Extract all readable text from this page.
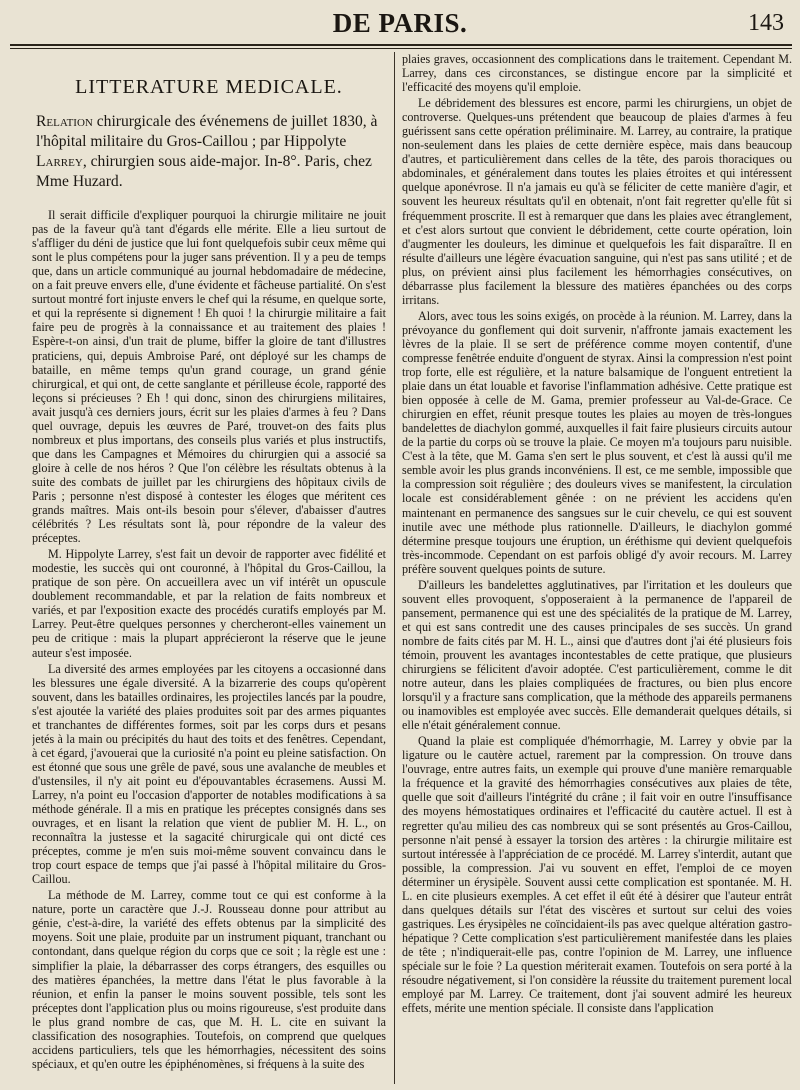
DE PARIS.	143
LITTERATURE MEDICALE.
Relation chirurgicale des événemens de juillet 1830, à l'hôpital militaire du Gros-Caillou ; par Hippolyte Larrey, chirurgien sous aide-major. In-8°. Paris, chez Mme Huzard.

Il serait difficile d'expliquer pourquoi la chirurgie militaire ne jouit pas de la faveur qu'à tant d'égards elle mérite. Elle a lieu surtout de s'affliger du déni de justice que lui font quelquefois subir ceux même qui sont le plus compétens pour la juger sans prévention. Il y a peu de temps que, dans un article communiqué au journal hebdomadaire de médecine, on a fait preuve envers elle, d'une évidente et fâcheuse partialité. On s'est surtout montré fort injuste envers le chef qui la résume, en quelque sorte, et qui la représente si dignement ! Eh quoi ! la chirurgie militaire a fait faire peu de progrès à la connaissance et au traitement des plaies ! Espère-t-on ainsi, d'un trait de plume, biffer la gloire de tant d'illustres praticiens, qui, depuis Ambroise Paré, ont déployé sur les champs de bataille, en même temps qu'un grand courage, un grand génie chirurgical, et qui ont, de cette sanglante et périlleuse école, rapporté des leçons si précieuses ? Eh ! qui donc, sinon des chirurgiens militaires, avait jusqu'à ces derniers jours, écrit sur les plaies d'armes à feu ? Dans quel ouvrage, depuis les œuvres de Paré, trouvet-on des faits plus nombreux et plus importans, des conseils plus variés et plus instructifs, que dans les Campagnes et Mémoires du chirurgien qui a associé sa gloire à celle de nos héros ? Que l'on célèbre les résultats obtenus à la suite des combats de juillet par les chirurgiens des hôpitaux civils de Paris ; personne n'est disposé à contester les éloges que méritent ces grands maîtres. Mais ont-ils besoin pour s'élever, d'abaisser d'autres célébrités ? Les résultats sont là, pour répondre de la valeur des préceptes.

M. Hippolyte Larrey, s'est fait un devoir de rapporter avec fidélité et modestie, les succès qui ont couronné, à l'hôpital du Gros-Caillou, la pratique de son père. On accueillera avec un vif intérêt un opuscule doublement recommandable, et par la relation de faits nombreux et variés, et par l'exposition exacte des procédés curatifs employés par M. Larrey. Peut-être quelques personnes y chercheront-elles vainement un peu de critique : mais la plupart apprécieront la réserve que le jeune auteur s'est imposée.

La diversité des armes employées par les citoyens a occasionné dans les blessures une égale diversité. A la bizarrerie des coups qu'opèrent souvent, dans les batailles ordinaires, les projectiles lancés par la poudre, s'est ajoutée la variété des plaies produites soit par des armes piquantes et tranchantes de différentes formes, soit par les corps durs et pesans jetés à la main ou précipités du haut des toits et des fenêtres. Cependant, à cet égard, j'avouerai que la curiosité n'a point eu pleine satisfaction. On est étonné que sous une grêle de pavé, sous une avalanche de meubles et d'ustensiles, il n'y ait point eu d'épouvantables écrasemens. Aussi M. Larrey, n'a point eu l'occasion d'apporter de notables modifications à sa méthode générale. Il a mis en pratique les préceptes consignés dans ses ouvrages, et en lisant la relation que vient de publier M. H. L., on reconnaîtra la justesse et la sagacité chirurgicale qui ont dicté ces préceptes, comme je m'en suis moi-même souvent convaincu dans le trop court espace de temps que j'ai passé à l'hôpital militaire du Gros-Caillou.

La méthode de M. Larrey, comme tout ce qui est conforme à la nature, porte un caractère que J.-J. Rousseau donne pour attribut au génie, c'est-à-dire, la variété des effets obtenus par la simplicité des moyens. Soit une plaie, produite par un instrument piquant, tranchant ou contondant, dans quelque région du corps que ce soit ; la règle est une : simplifier la plaie, la débarrasser des corps étrangers, des esquilles ou des matières épanchées, la mettre dans l'état le plus favorable à la réunion, et enfin la panser le moins souvent possible, tels sont les préceptes dont l'application plus ou moins rigoureuse, s'est produite dans le plus grand nombre de cas, que M. H. L. cite en suivant la classification des nosographies. Toutefois, on comprend que quelques accidens particuliers, tels que les hémorrhagies, nécessitent des soins spéciaux, et qu'en outre les épiphénomènes, si fréquens à la suite des

plaies graves, occasionnent des complications dans le traitement. Cependant M. Larrey, dans ces circonstances, se distingue encore par la simplicité et l'efficacité des moyens qu'il emploie.

Le débridement des blessures est encore, parmi les chirurgiens, un objet de controverse. Quelques-uns prétendent que beaucoup de plaies d'armes à feu guérissent sans cette opération préliminaire. M. Larrey, au contraire, la pratique non-seulement dans les plaies de cette dernière espèce, mais dans beaucoup d'autres, et particulièrement dans celles de la tête, des parois thoraciques ou abdominales, et généralement dans toutes les plaies étroites et qui intéressent quelque aponévrose. Il n'a jamais eu qu'à se féliciter de cette manière d'agir, et souvent les heureux résultats qu'il en obtenait, n'ont fait regretter qu'elle fût si fréquemment proscrite. Il est à remarquer que dans les plaies avec étranglement, et c'est alors surtout que convient le débridement, cette courte opération, loin d'augmenter les douleurs, les diminue et quelquefois les fait disparaître. Il en résulte d'ailleurs une légère évacuation sanguine, qui n'est pas sans utilité ; et de plus, on prévient ainsi plus facilement les hémorrhagies consécutives, on débarrasse plus facilement la blessure des matières épanchées ou des corps irritans.

Alors, avec tous les soins exigés, on procède à la réunion. M. Larrey, dans la prévoyance du gonflement qui doit survenir, n'affronte jamais exactement les lèvres de la plaie. Il se sert de préférence comme moyen contentif, d'une compresse fenêtrée enduite d'onguent de styrax. Ainsi la compression n'est point trop forte, elle est régulière, et la nature balsamique de l'onguent entretient la plaie dans un état louable et favorise l'inflammation adhésive. Cette pratique est bien opposée à celle de M. Gama, premier professeur au Val-de-Grace. Ce chirurgien en effet, réunit presque toutes les plaies au moyen de très-longues bandelettes de diachylon gommé, auxquelles il fait faire plusieurs circuits autour de la partie du corps où se trouve la plaie. Ce moyen m'a toujours paru nuisible. C'est à la tête, que M. Gama s'en sert le plus souvent, et c'est là aussi qu'il me semble avoir les plus grands inconvéniens. Il est, ce me semble, impossible que la compression soit régulière ; des douleurs vives se manifestent, la circulation locale est considérablement gênée : on ne prévient les accidens qu'en maintenant en permanence des sangsues sur le cuir chevelu, ce qui est souvent inutile avec une méthode plus rationnelle. D'ailleurs, le diachylon gommé détermine presque toujours une éruption, un éréthisme qui devient quelquefois très-incommode. Cependant on est parfois obligé d'y avoir recours. M. Larrey préfère souvent quelques points de suture.

D'ailleurs les bandelettes agglutinatives, par l'irritation et les douleurs que souvent elles provoquent, s'opposeraient à la permanence de l'appareil de pansement, permanence qui est une des spécialités de la pratique de M. Larrey, et qui est sans contredit une des causes principales de ses succès. Un grand nombre de faits cités par M. H. L., ainsi que d'autres dont j'ai été plusieurs fois témoin, prouvent les avantages incontestables de cette pratique, que plusieurs chirurgiens se félicitent d'avoir adoptée. C'est particulièrement, comme le dit notre auteur, dans les plaies compliquées de fractures, ou bien plus encore lorsqu'il y a fracture sans complication, que la méthode des appareils permanens ou inamovibles est employée avec succès. Elle demanderait quelques détails, si elle n'était généralement connue.

Quand la plaie est compliquée d'hémorrhagie, M. Larrey y obvie par la ligature ou le cautère actuel, rarement par la compression. On trouve dans l'ouvrage, entre autres faits, un exemple qui prouve d'une manière remarquable la fréquence et la gravité des hémorrhagies consécutives aux plaies de tête, quelle que soit d'ailleurs l'intégrité du crâne ; il fait voir en outre l'insuffisance des moyens hémostatiques ordinaires et l'efficacité du cautère actuel. Il est à regretter qu'au milieu des cas nombreux qui se sont présentés au Gros-Caillou, personne n'ait pensé à essayer la torsion des artères : la chirurgie militaire est surtout intéressée à l'appréciation de ce procédé. M. Larrey s'interdit, autant que possible, la compression. J'ai vu souvent en effet, l'emploi de ce moyen déterminer un érysipèle. Souvent aussi cette complication est spontanée. M. H. L. en cite plusieurs exemples. A cet effet il eût été à désirer que l'auteur entrât dans quelques détails sur l'état des viscères et surtout sur celui des voies gastriques. Les érysipèles ne coïncidaient-ils pas avec quelque altération gastro-hépatique ? Cette complication s'est particulièrement manifestée dans les plaies de tête ; n'indiquerait-elle pas, contre l'opinion de M. Larrey, une influence spéciale sur le foie ? La question mériterait examen. Toutefois on sera porté à la résoudre négativement, si l'on considère la réussite du traitement purement local employé par M. Larrey. Ce traitement, dont j'ai souvent admiré les heureux effets, mérite une mention spéciale. Il consiste dans l'application
